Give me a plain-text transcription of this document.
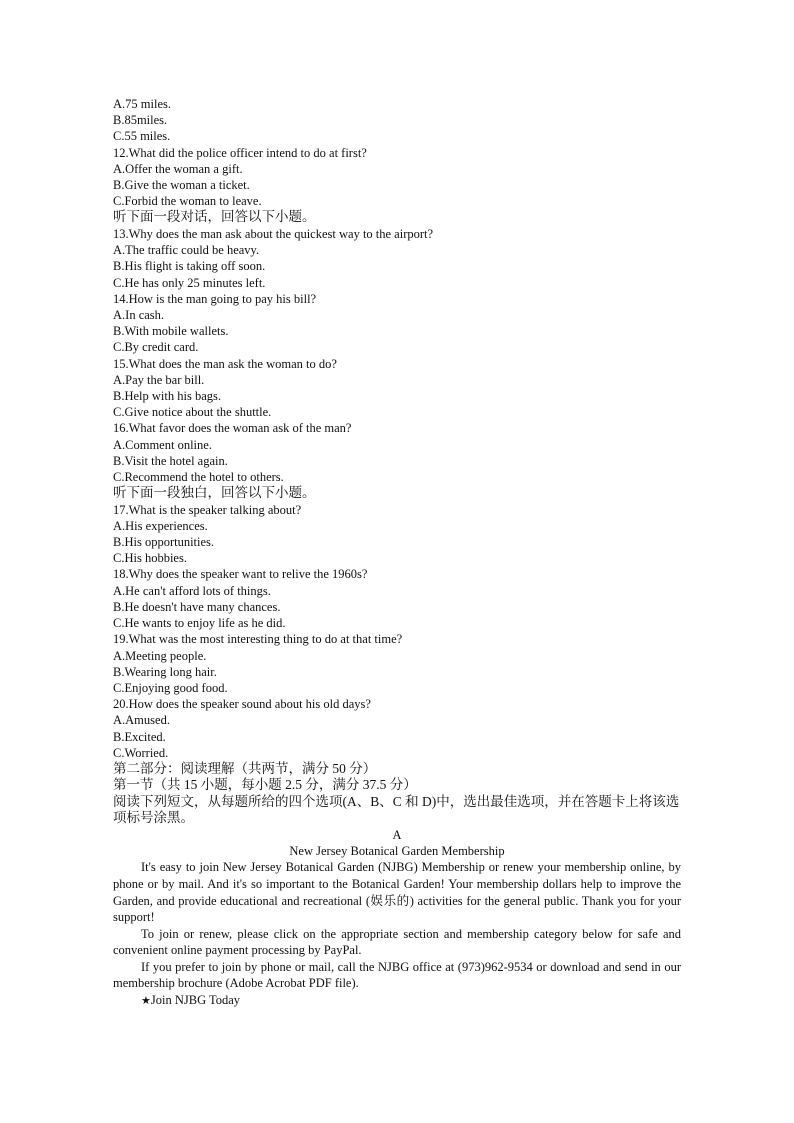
A.75 miles.
B.85miles.
C.55 miles.
12.What did the police officer intend to do at first?
A.Offer the woman a gift.
B.Give the woman a ticket.
C.Forbid the woman to leave.
听下面一段对话，回答以下小题。
13.Why does the man ask about the quickest way to the airport?
A.The traffic could be heavy.
B.His flight is taking off soon.
C.He has only 25 minutes left.
14.How is the man going to pay his bill?
A.In cash.
B.With mobile wallets.
C.By credit card.
15.What does the man ask the woman to do?
A.Pay the bar bill.
B.Help with his bags.
C.Give notice about the shuttle.
16.What favor does the woman ask of the man?
A.Comment online.
B.Visit the hotel again.
C.Recommend the hotel to others.
听下面一段独白，回答以下小题。
17.What is the speaker talking about?
A.His experiences.
B.His opportunities.
C.His hobbies.
18.Why does the speaker want to relive the 1960s?
A.He can't afford lots of things.
B.He doesn't have many chances.
C.He wants to enjoy life as he did.
19.What was the most interesting thing to do at that time?
A.Meeting people.
B.Wearing long hair.
C.Enjoying good food.
20.How does the speaker sound about his old days?
A.Amused.
B.Excited.
C.Worried.
第二部分：阅读理解（共两节，满分 50 分）
第一节（共 15 小题，每小题 2.5 分，满分 37.5 分）
阅读下列短文，从每题所给的四个选项(A、B、C 和 D)中，选出最佳选项，并在答题卡上将该选项标号涂黑。
A
New Jersey Botanical Garden Membership
It's easy to join New Jersey Botanical Garden (NJBG) Membership or renew your membership online, by phone or by mail. And it's so important to the Botanical Garden! Your membership dollars help to improve the Garden, and provide educational and recreational (娱乐的) activities for the general public. Thank you for your support!
To join or renew, please click on the appropriate section and membership category below for safe and convenient online payment processing by PayPal.
If you prefer to join by phone or mail, call the NJBG office at (973)962-9534 or download and send in our membership brochure (Adobe Acrobat PDF file).
★Join NJBG Today
